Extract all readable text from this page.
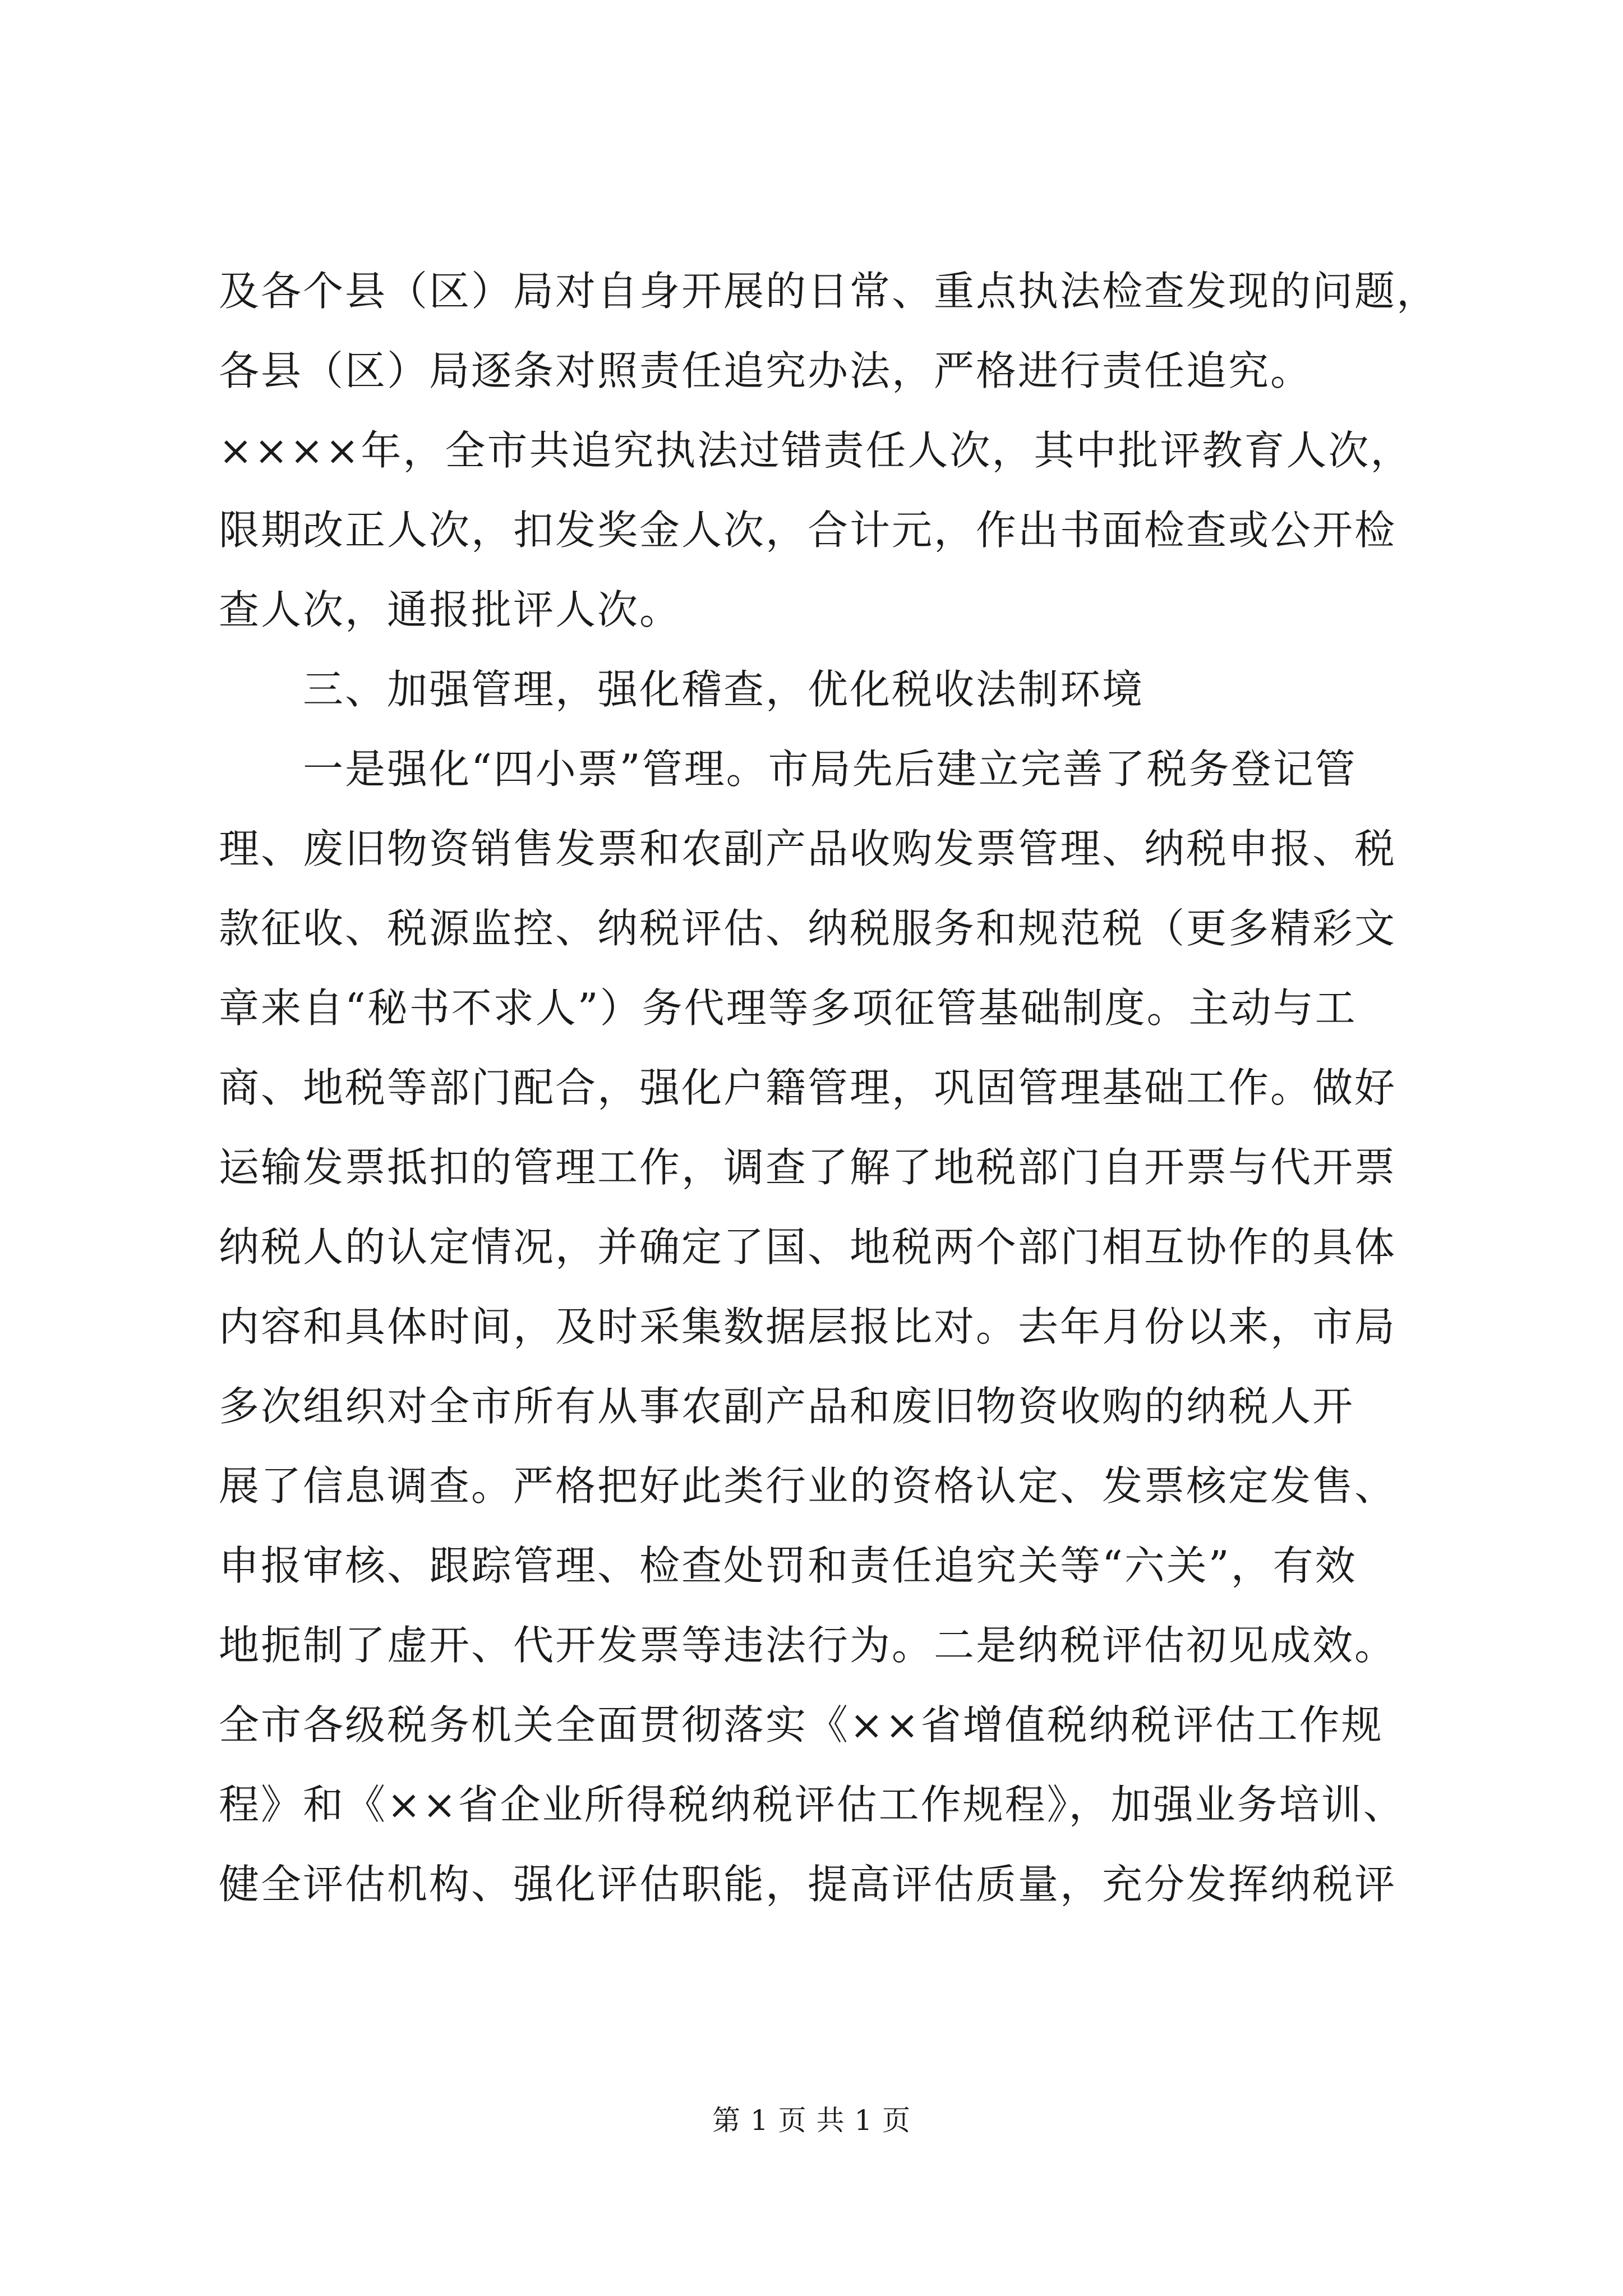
及各个县（区）局对自身开展的日常、重点执法检查发现的问题，
各县（区）局逐条对照责任追究办法，严格进行责任追究。
××××年，全市共追究执法过错责任人次，其中批评教育人次，
限期改正人次，扣发奖金人次，合计元，作出书面检查或公开检
查人次，通报批评人次。
三、加强管理，强化稽查，优化税收法制环境
一是强化“四小票”管理。市局先后建立完善了税务登记管
理、废旧物资销售发票和农副产品收购发票管理、纳税申报、税
款征收、税源监控、纳税评估、纳税服务和规范税（更多精彩文
章来自“秘书不求人”）务代理等多项征管基础制度。主动与工
商、地税等部门配合，强化户籍管理，巩固管理基础工作。做好
运输发票抵扣的管理工作，调查了解了地税部门自开票与代开票
纳税人的认定情况，并确定了国、地税两个部门相互协作的具体
内容和具体时间，及时采集数据层报比对。去年月份以来，市局
多次组织对全市所有从事农副产品和废旧物资收购的纳税人开
展了信息调查。严格把好此类行业的资格认定、发票核定发售、
申报审核、跟踪管理、检查处罚和责任追究关等“六关”，有效
地扼制了虚开、代开发票等违法行为。二是纳税评估初见成效。
全市各级税务机关全面贯彻落实《××省增值税纳税评估工作规
程》和《××省企业所得税纳税评估工作规程》，加强业务培训、
健全评估机构、强化评估职能，提高评估质量，充分发挥纳税评
第 1 页 共 1 页
